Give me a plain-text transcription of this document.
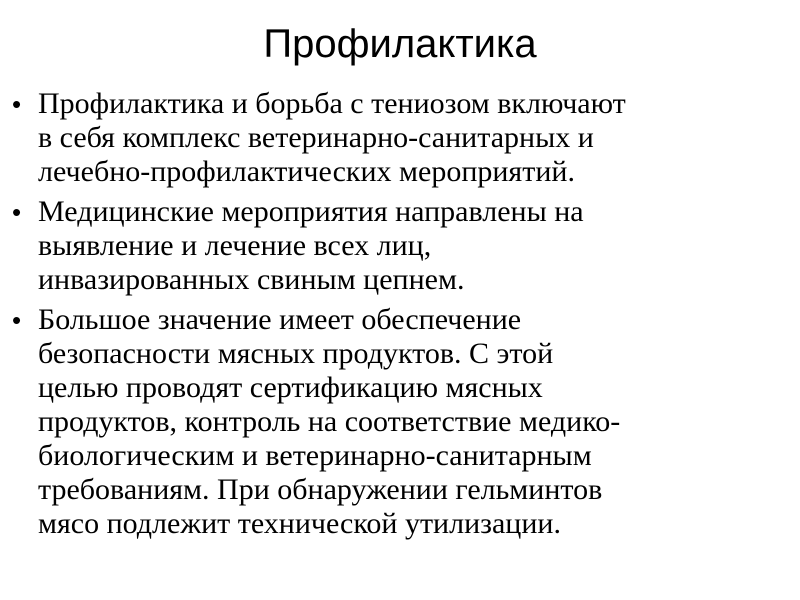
Профилактика
• Профилактика и борьба с тениозом включают
в себя комплекс ветеринарно-санитарных и
лечебно-профилактических мероприятий.
• Медицинские мероприятия направлены на
выявление и лечение всех лиц,
инвазированных свиным цепнем.
• Большое значение имеет обеспечение
безопасности мясных продуктов. С этой
целью проводят сертификацию мясных
продуктов, контроль на соответствие медико-
биологическим и ветеринарно-санитарным
требованиям. При обнаружении гельминтов
мясо подлежит технической утилизации.
